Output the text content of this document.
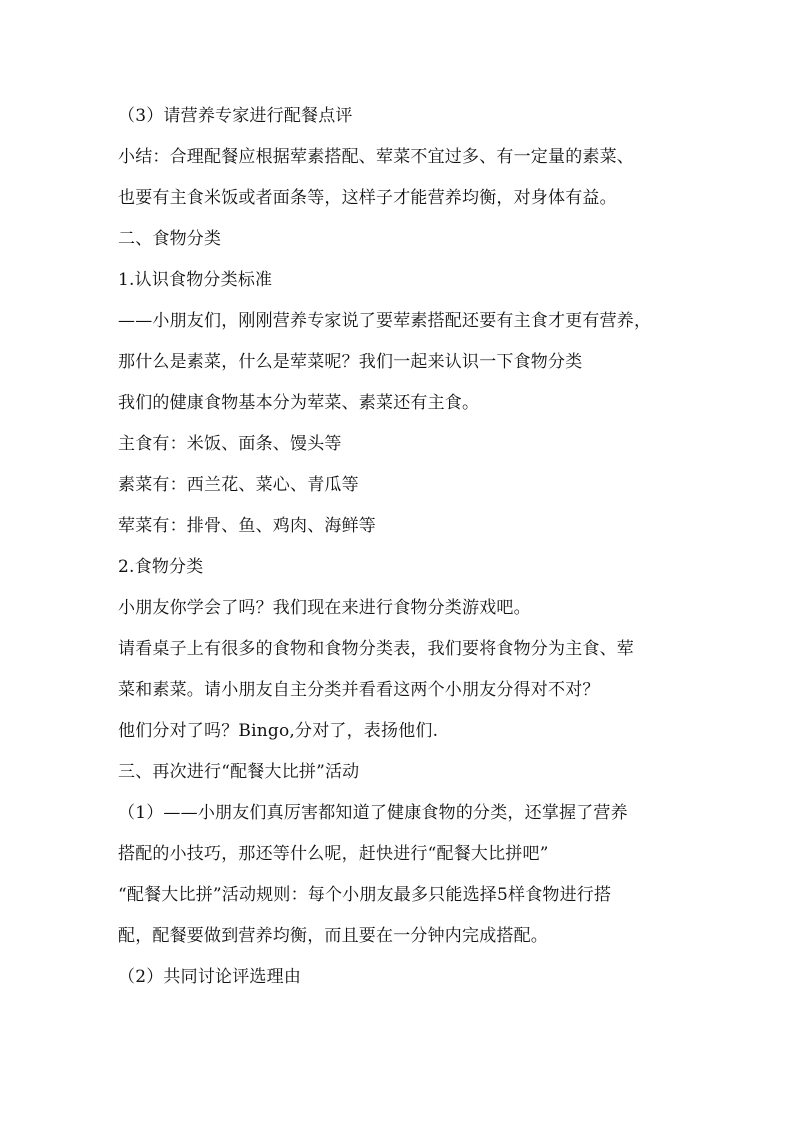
（3）请营养专家进行配餐点评
小结：合理配餐应根据荤素搭配、荤菜不宜过多、有一定量的素菜、
也要有主食米饭或者面条等，这样子才能营养均衡，对身体有益。
二、食物分类
1.认识食物分类标准
——小朋友们，刚刚营养专家说了要荤素搭配还要有主食才更有营养，
那什么是素菜，什么是荤菜呢？我们一起来认识一下食物分类
我们的健康食物基本分为荤菜、素菜还有主食。
主食有：米饭、面条、馒头等
素菜有：西兰花、菜心、青瓜等
荤菜有：排骨、鱼、鸡肉、海鲜等
2.食物分类
小朋友你学会了吗？我们现在来进行食物分类游戏吧。
请看桌子上有很多的食物和食物分类表，我们要将食物分为主食、荤
菜和素菜。请小朋友自主分类并看看这两个小朋友分得对不对？
他们分对了吗？Bingo,分对了，表扬他们.
三、再次进行“配餐大比拼”活动
（1）——小朋友们真厉害都知道了健康食物的分类，还掌握了营养
搭配的小技巧，那还等什么呢，赶快进行“配餐大比拼吧”
“配餐大比拼”活动规则：每个小朋友最多只能选择5样食物进行搭
配，配餐要做到营养均衡，而且要在一分钟内完成搭配。
（2）共同讨论评选理由
